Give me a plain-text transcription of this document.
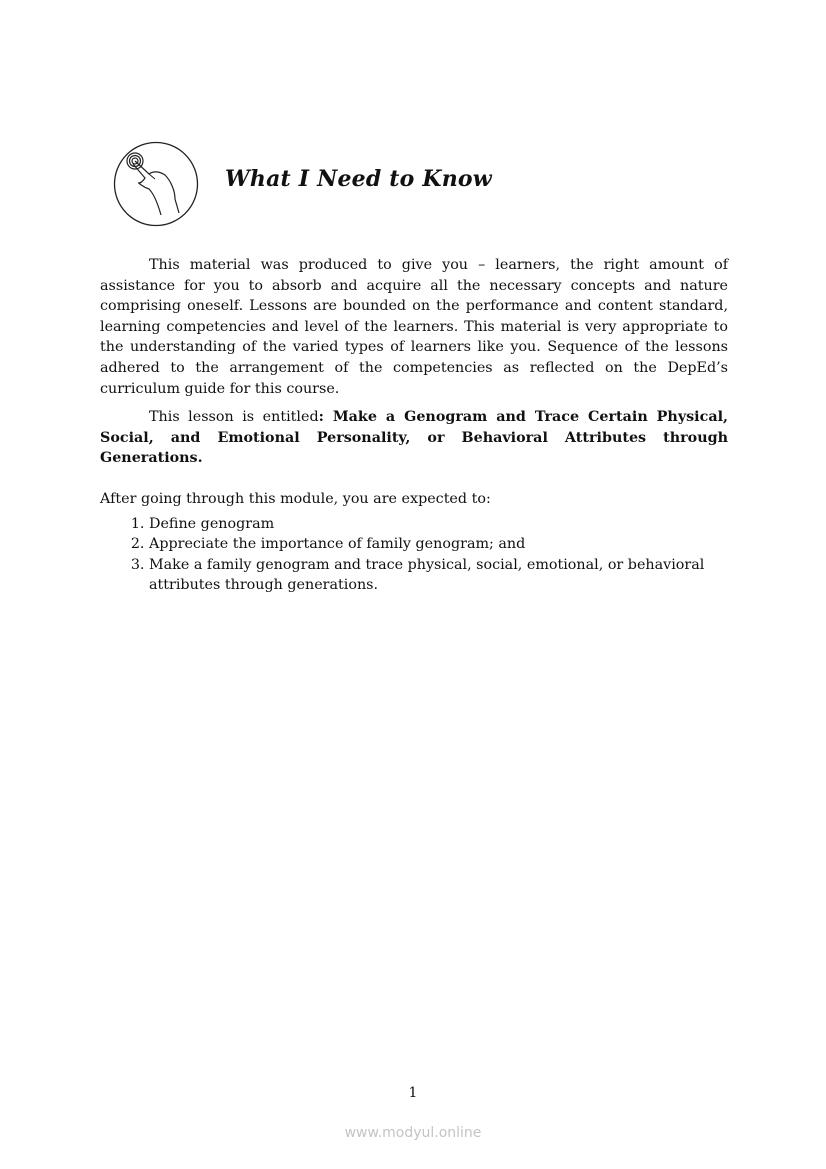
What I Need to Know

This material was produced to give you – learners, the right amount of assistance for you to absorb and acquire all the necessary concepts and nature comprising oneself. Lessons are bounded on the performance and content standard, learning competencies and level of the learners. This material is very appropriate to the understanding of the varied types of learners like you. Sequence of the lessons adhered to the arrangement of the competencies as reflected on the DepEd’s curriculum guide for this course.

This lesson is entitled: Make a Genogram and Trace Certain Physical, Social, and Emotional Personality, or Behavioral Attributes through Generations.

After going through this module, you are expected to:

1. Define genogram
2. Appreciate the importance of family genogram; and
3. Make a family genogram and trace physical, social, emotional, or behavioral attributes through generations.
1
www.modyul.online
